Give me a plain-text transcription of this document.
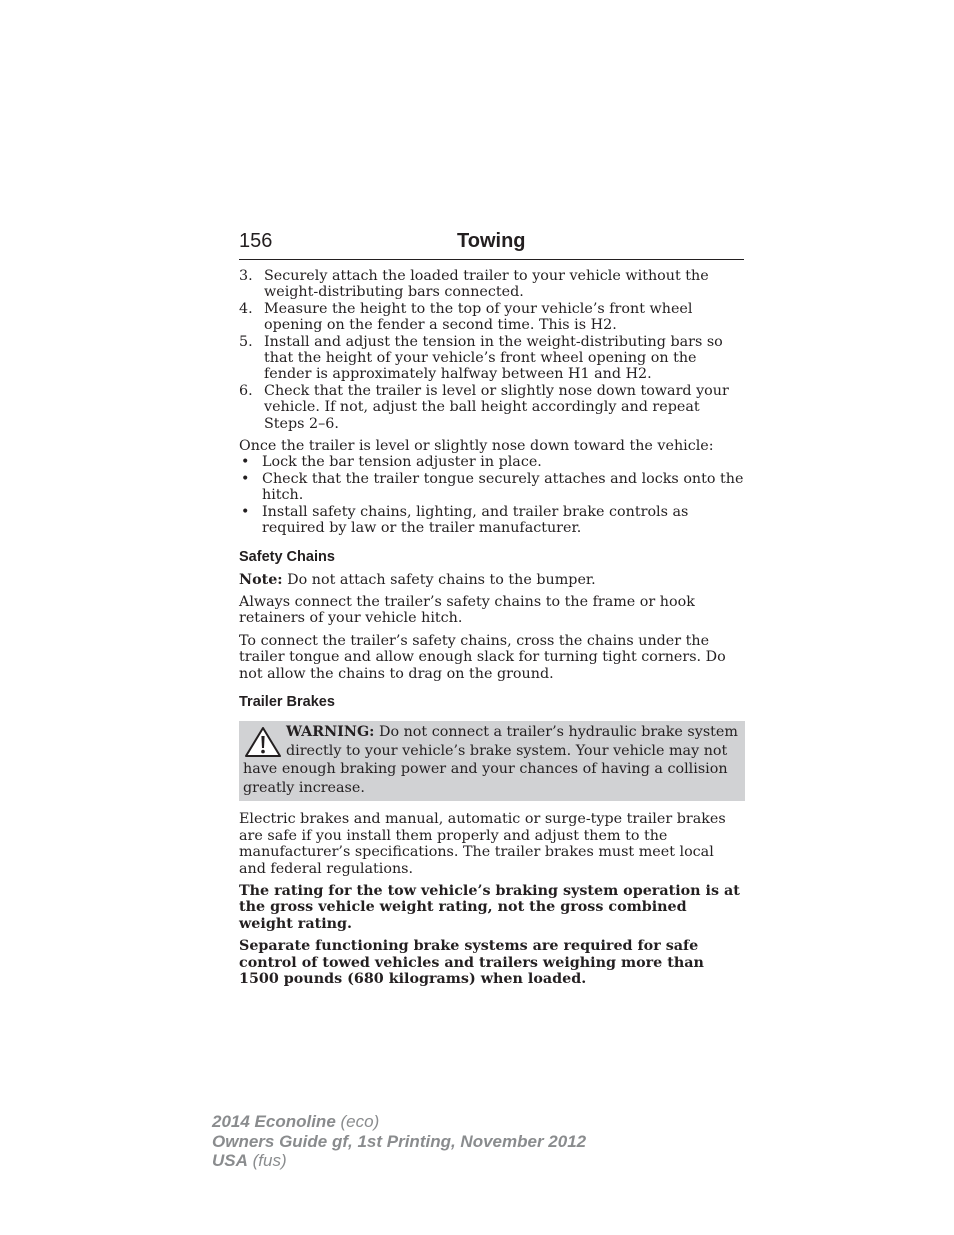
156	Towing
3. Securely attach the loaded trailer to your vehicle without the weight-distributing bars connected.
4. Measure the height to the top of your vehicle’s front wheel opening on the fender a second time. This is H2.
5. Install and adjust the tension in the weight-distributing bars so that the height of your vehicle’s front wheel opening on the fender is approximately halfway between H1 and H2.
6. Check that the trailer is level or slightly nose down toward your vehicle. If not, adjust the ball height accordingly and repeat
Steps 2–6.

Once the trailer is level or slightly nose down toward the vehicle:

• Lock the bar tension adjuster in place.
• Check that the trailer tongue securely attaches and locks onto the hitch.
• Install safety chains, lighting, and trailer brake controls as required by law or the trailer manufacturer.
Safety Chains

Note: Do not attach safety chains to the bumper.

Always connect the trailer’s safety chains to the frame or hook retainers of your vehicle hitch.

To connect the trailer’s safety chains, cross the chains under the trailer tongue and allow enough slack for turning tight corners. Do not allow the chains to drag on the ground.

Trailer Brakes
WARNING: Do not connect a trailer’s hydraulic brake system directly to your vehicle’s brake system. Your vehicle may not have enough braking power and your chances of having a collision greatly increase.

Electric brakes and manual, automatic or surge-type trailer brakes are safe if you install them properly and adjust them to the manufacturer’s specifications. The trailer brakes must meet local and federal regulations.

The rating for the tow vehicle’s braking system operation is at the gross vehicle weight rating, not the gross combined weight rating.

Separate functioning brake systems are required for safe control of towed vehicles and trailers weighing more than 1500 pounds (680 kilograms) when loaded.

2014 Econoline (eco)
Owners Guide gf, 1st Printing, November 2012
USA (fus)
